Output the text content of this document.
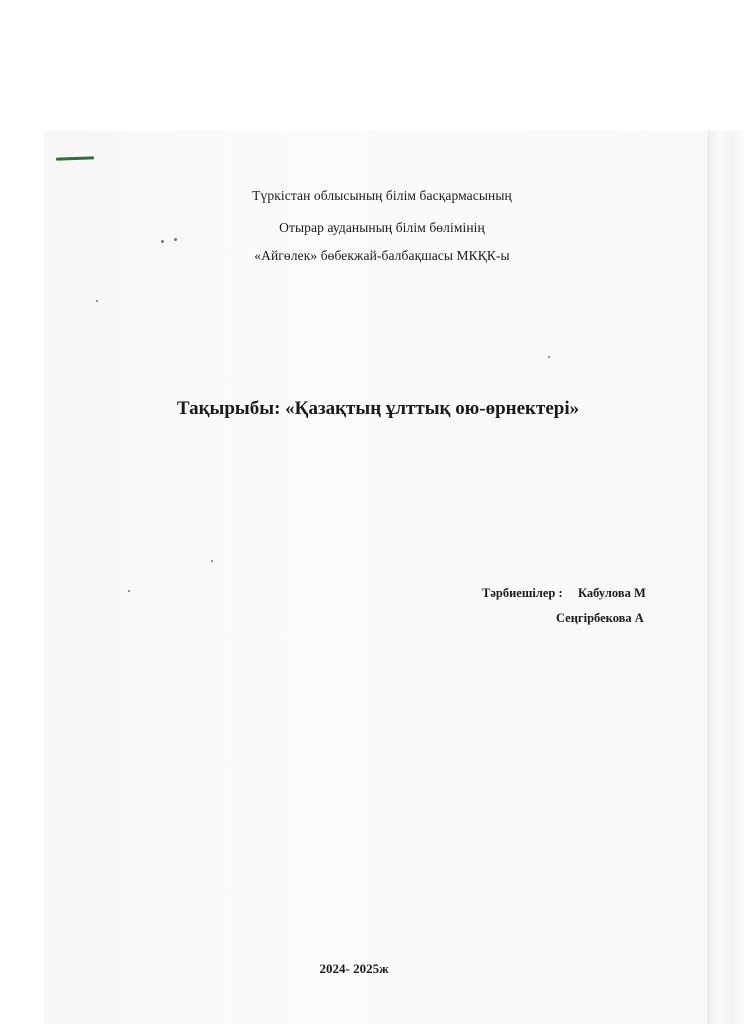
Түркістан облысының білім басқармасының

Отырар ауданының білім бөлімінің

«Айгөлек» бөбекжай-балбақшасы МКҚК-ы

Тақырыбы: «Қазақтың ұлттық ою-өрнектері»
Тәрбиешілер : Кабулова М
Сеңгірбекова А

2024- 2025ж
